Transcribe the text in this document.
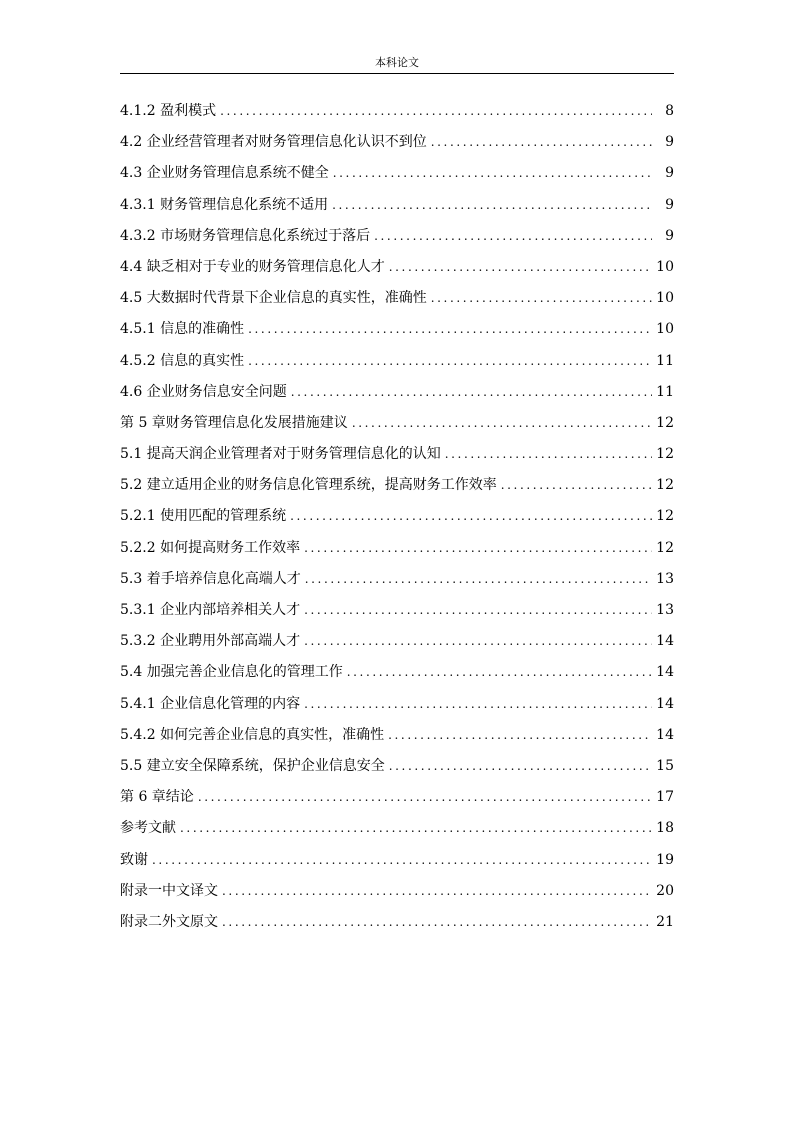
本科论文
4.1.2 盈利模式 .....	8
4.2 企业经营管理者对财务管理信息化认识不到位 .....	9
4.3 企业财务管理信息系统不健全 .....	9
4.3.1 财务管理信息化系统不适用 .....	9
4.3.2 市场财务管理信息化系统过于落后 .....	9
4.4 缺乏相对于专业的财务管理信息化人才 .....	10
4.5 大数据时代背景下企业信息的真实性，准确性 .....	10
4.5.1 信息的准确性 .....	10
4.5.2 信息的真实性 .....	11
4.6 企业财务信息安全问题 .....	11
第 5 章财务管理信息化发展措施建议 .....	12
5.1 提高天润企业管理者对于财务管理信息化的认知 .....	12
5.2 建立适用企业的财务信息化管理系统，提高财务工作效率 .....	12
5.2.1 使用匹配的管理系统 .....	12
5.2.2 如何提高财务工作效率 .....	12
5.3 着手培养信息化高端人才 .....	13
5.3.1 企业内部培养相关人才 .....	13
5.3.2 企业聘用外部高端人才 .....	14
5.4 加强完善企业信息化的管理工作 .....	14
5.4.1 企业信息化管理的内容 .....	14
5.4.2 如何完善企业信息的真实性，准确性 .....	14
5.5 建立安全保障系统，保护企业信息安全 .....	15
第 6 章结论 .....	17
参考文献 .....	18
致谢 .....	19
附录一中文译文 .....	20
附录二外文原文 .....	21
